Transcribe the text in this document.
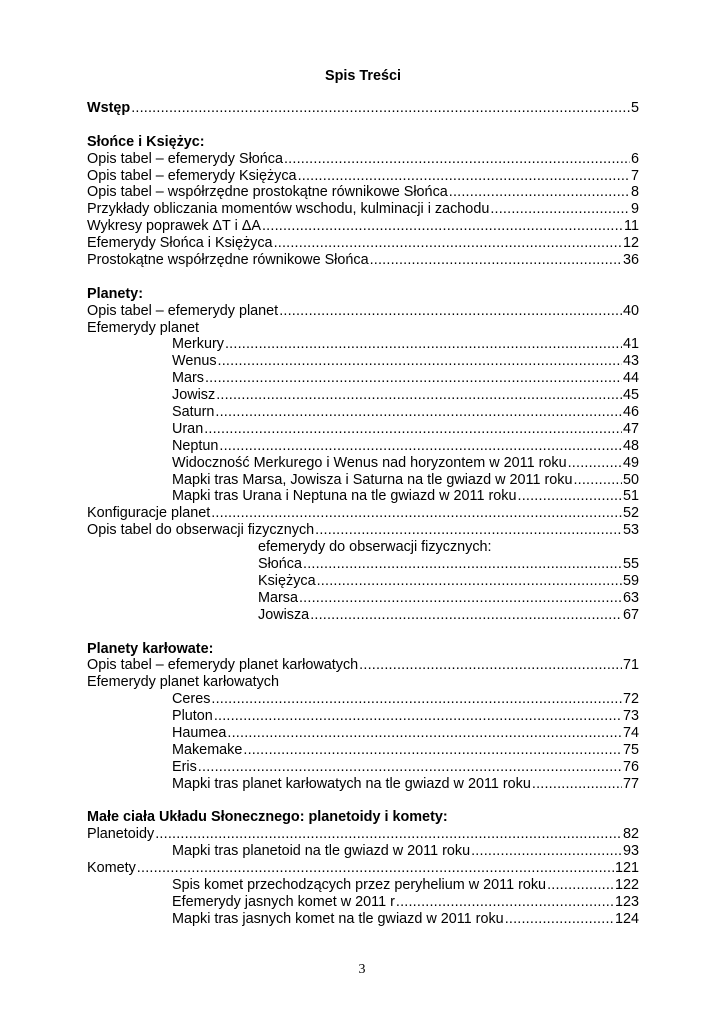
Spis Treści
Wstęp .....	5
Słońce i Księżyc:
Opis tabel – efemerydy Słońca .....	6
Opis tabel – efemerydy Księżyca .....	7
Opis tabel – współrzędne prostokątne równikowe Słońca .....	8
Przykłady obliczania momentów wschodu, kulminacji i zachodu .....	9
Wykresy poprawek ΔT i ΔA .....	11
Efemerydy Słońca i Księżyca .....	12
Prostokątne współrzędne równikowe Słońca .....	36
Planety:
Opis tabel – efemerydy planet .....	40
Efemerydy planet
Merkury .....	41
Wenus .....	43
Mars .....	44
Jowisz .....	45
Saturn .....	46
Uran .....	47
Neptun .....	48
Widoczność Merkurego i Wenus nad horyzontem w 2011 roku .....	49
Mapki tras Marsa, Jowisza i Saturna na tle gwiazd w 2011 roku .....	50
Mapki tras Urana i Neptuna na tle gwiazd w 2011 roku .....	51
Konfiguracje planet .....	52
Opis tabel do obserwacji fizycznych .....	53
efemerydy do obserwacji fizycznych:
Słońca .....	55
Księżyca .....	59
Marsa .....	63
Jowisza .....	67
Planety karłowate:
Opis tabel – efemerydy planet karłowatych .....	71
Efemerydy planet karłowatych
Ceres .....	72
Pluton .....	73
Haumea .....	74
Makemake .....	75
Eris .....	76
Mapki tras planet karłowatych na tle gwiazd w 2011 roku .....	77
Małe ciała Układu Słonecznego: planetoidy i komety:
Planetoidy .....	82
Mapki tras planetoid na tle gwiazd w 2011 roku .....	93
Komety .....	121
Spis komet przechodzących przez peryhelium w 2011 roku .....	122
Efemerydy jasnych komet w 2011 r .....	123
Mapki tras jasnych komet na tle gwiazd w 2011 roku .....	124
3
